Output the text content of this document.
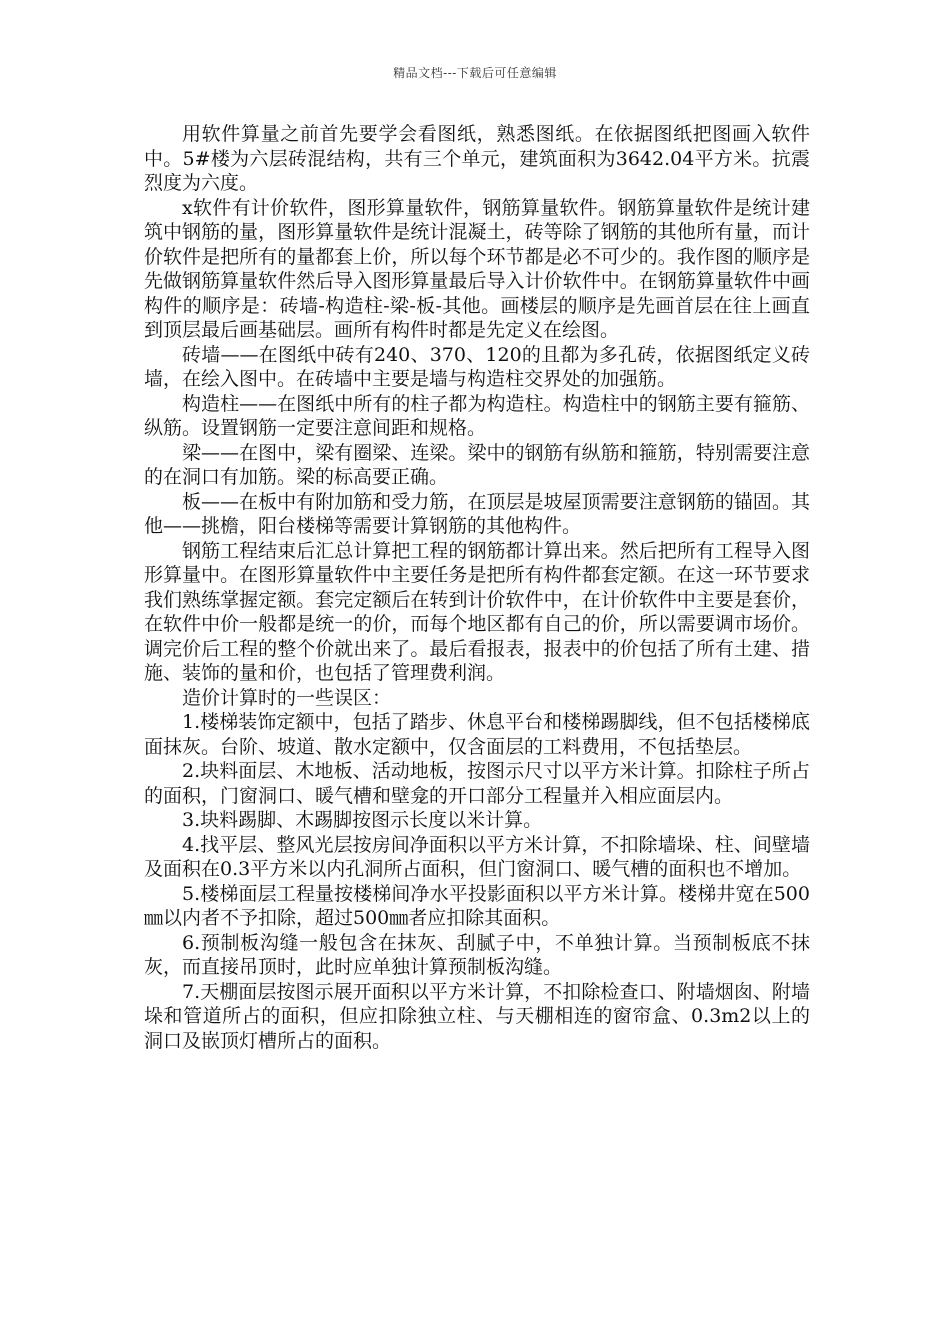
精品文档---下载后可任意编辑

用软件算量之前首先要学会看图纸，熟悉图纸。在依据图纸把图画入软件中。5#楼为六层砖混结构，共有三个单元，建筑面积为3642.04平方米。抗震烈度为六度。

x软件有计价软件，图形算量软件，钢筋算量软件。钢筋算量软件是统计建筑中钢筋的量，图形算量软件是统计混凝土，砖等除了钢筋的其他所有量，而计价软件是把所有的量都套上价，所以每个环节都是必不可少的。我作图的顺序是先做钢筋算量软件然后导入图形算量最后导入计价软件中。在钢筋算量软件中画构件的顺序是：砖墙-构造柱-梁-板-其他。画楼层的顺序是先画首层在往上画直到顶层最后画基础层。画所有构件时都是先定义在绘图。

砖墙——在图纸中砖有240、370、120的且都为多孔砖，依据图纸定义砖墙，在绘入图中。在砖墙中主要是墙与构造柱交界处的加强筋。

构造柱——在图纸中所有的柱子都为构造柱。构造柱中的钢筋主要有箍筋、纵筋。设置钢筋一定要注意间距和规格。

梁——在图中，梁有圈梁、连梁。梁中的钢筋有纵筋和箍筋，特别需要注意的在洞口有加筋。梁的标高要正确。

板——在板中有附加筋和受力筋，在顶层是坡屋顶需要注意钢筋的锚固。其他——挑檐，阳台楼梯等需要计算钢筋的其他构件。

钢筋工程结束后汇总计算把工程的钢筋都计算出来。然后把所有工程导入图形算量中。在图形算量软件中主要任务是把所有构件都套定额。在这一环节要求我们熟练掌握定额。套完定额后在转到计价软件中，在计价软件中主要是套价，在软件中价一般都是统一的价，而每个地区都有自己的价，所以需要调市场价。调完价后工程的整个价就出来了。最后看报表，报表中的价包括了所有土建、措施、装饰的量和价，也包括了管理费利润。

造价计算时的一些误区：

1.楼梯装饰定额中，包括了踏步、休息平台和楼梯踢脚线，但不包括楼梯底面抹灰。台阶、坡道、散水定额中，仅含面层的工料费用，不包括垫层。

2.块料面层、木地板、活动地板，按图示尺寸以平方米计算。扣除柱子所占的面积，门窗洞口、暖气槽和壁龛的开口部分工程量并入相应面层内。

3.块料踢脚、木踢脚按图示长度以米计算。

4.找平层、整风光层按房间净面积以平方米计算，不扣除墙垛、柱、间壁墙及面积在0.3平方米以内孔洞所占面积，但门窗洞口、暖气槽的面积也不增加。

5.楼梯面层工程量按楼梯间净水平投影面积以平方米计算。楼梯井宽在500㎜以内者不予扣除，超过500㎜者应扣除其面积。

6.预制板沟缝一般包含在抹灰、刮腻子中，不单独计算。当预制板底不抹灰，而直接吊顶时，此时应单独计算预制板沟缝。

7.天棚面层按图示展开面积以平方米计算，不扣除检查口、附墙烟囱、附墙垛和管道所占的面积，但应扣除独立柱、与天棚相连的窗帘盒、0.3m2以上的洞口及嵌顶灯槽所占的面积。
